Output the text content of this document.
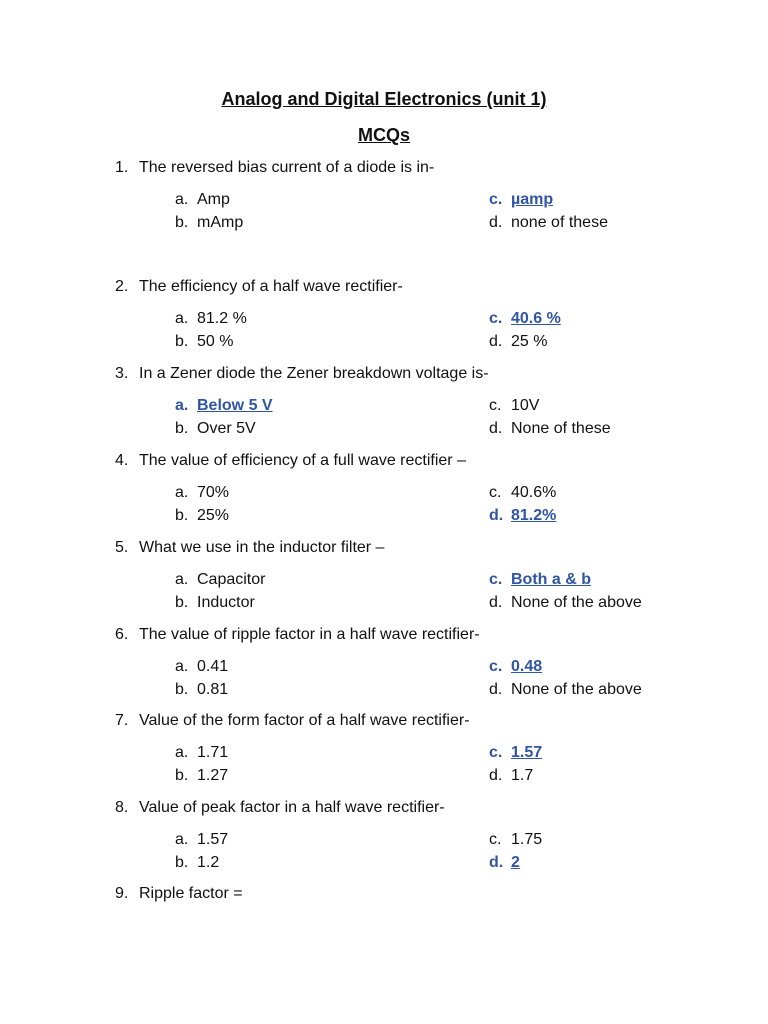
Analog and Digital Electronics (unit 1)
MCQs
1. The reversed bias current of a diode is in-
a. Amp
b. mAmp
c. µamp
d. none of these
2. The efficiency of a half wave rectifier-
a. 81.2 %
b. 50 %
c. 40.6 %
d. 25 %
3. In a Zener diode the Zener breakdown voltage is-
a. Below 5 V
b. Over 5V
c. 10V
d. None of these
4. The value of efficiency of a full wave rectifier –
a. 70%
b. 25%
c. 40.6%
d. 81.2%
5. What we use in the inductor filter –
a. Capacitor
b. Inductor
c. Both a & b
d. None of the above
6. The value of ripple factor in a half wave rectifier-
a. 0.41
b. 0.81
c. 0.48
d. None of the above
7. Value of the form factor of a half wave rectifier-
a. 1.71
b. 1.27
c. 1.57
d. 1.7
8. Value of peak factor in a half wave rectifier-
a. 1.57
b. 1.2
c. 1.75
d. 2
9. Ripple factor =
